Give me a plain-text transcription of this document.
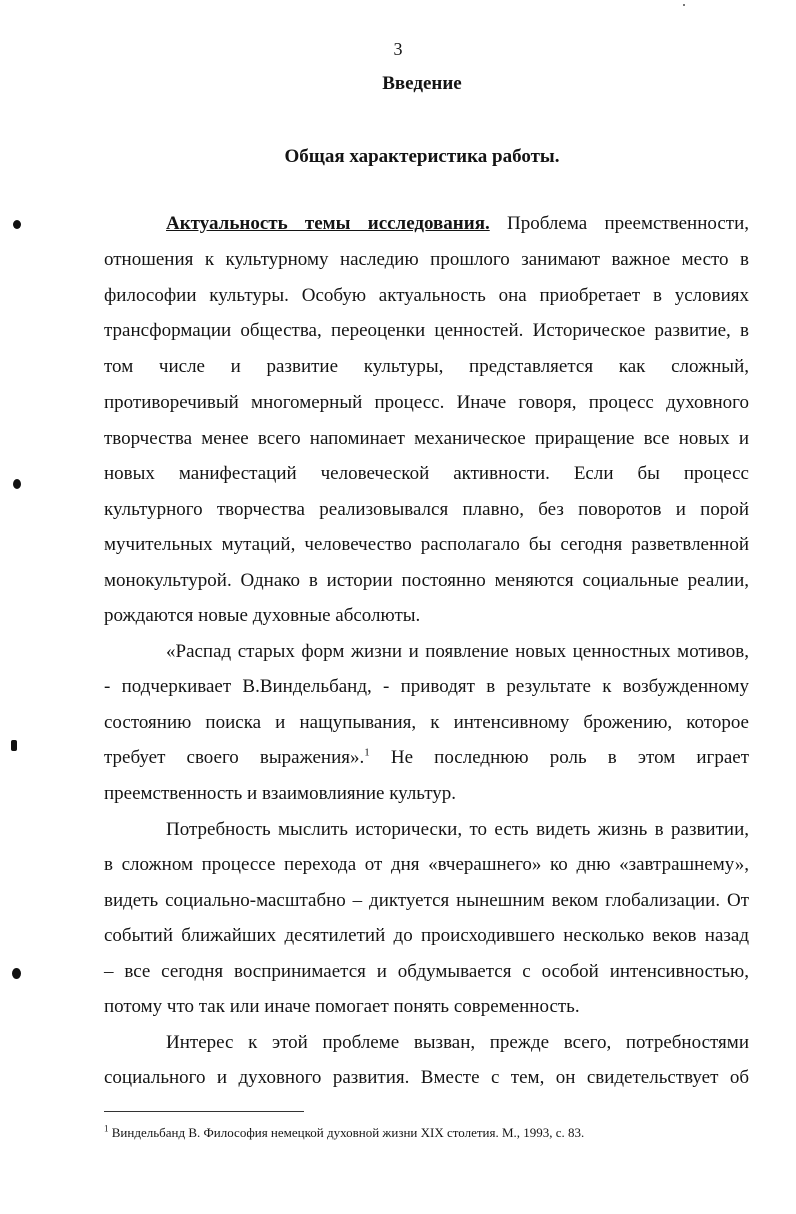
3
Введение
Общая характеристика работы.
Актуальность темы исследования. Проблема преемственности,
отношения к культурному наследию прошлого занимают важное место в
философии культуры. Особую актуальность она приобретает в условиях
трансформации общества, переоценки ценностей. Историческое развитие, в
том числе и развитие культуры, представляется как сложный,
противоречивый многомерный процесс. Иначе говоря, процесс духовного
творчества менее всего напоминает механическое приращение все новых и
новых манифестаций человеческой активности. Если бы процесс
культурного творчества реализовывался плавно, без поворотов и порой
мучительных мутаций, человечество располагало бы сегодня разветвленной
монокультурой. Однако в истории постоянно меняются социальные реалии,
рождаются новые духовные абсолюты.
«Распад старых форм жизни и появление новых ценностных мотивов,
- подчеркивает В.Виндельбанд, - приводят в результате к возбужденному
состоянию поиска и нащупывания, к интенсивному брожению, которое
требует своего выражения».$^1$ Не последнюю роль в этом играет
преемственность и взаимовлияние культур.
Потребность мыслить исторически, то есть видеть жизнь в развитии,
в сложном процессе перехода от дня «вчерашнего» ко дню «завтрашнему»,
видеть социально-масштабно – диктуется нынешним веком глобализации. От
событий ближайших десятилетий до происходившего несколько веков назад
– все сегодня воспринимается и обдумывается с особой интенсивностью,
потому что так или иначе помогает понять современность.
Интерес к этой проблеме вызван, прежде всего, потребностями
социального и духовного развития. Вместе с тем, он свидетельствует об
$^1$ Виндельбанд В. Философия немецкой духовной жизни XIX столетия. М., 1993, с. 83.
